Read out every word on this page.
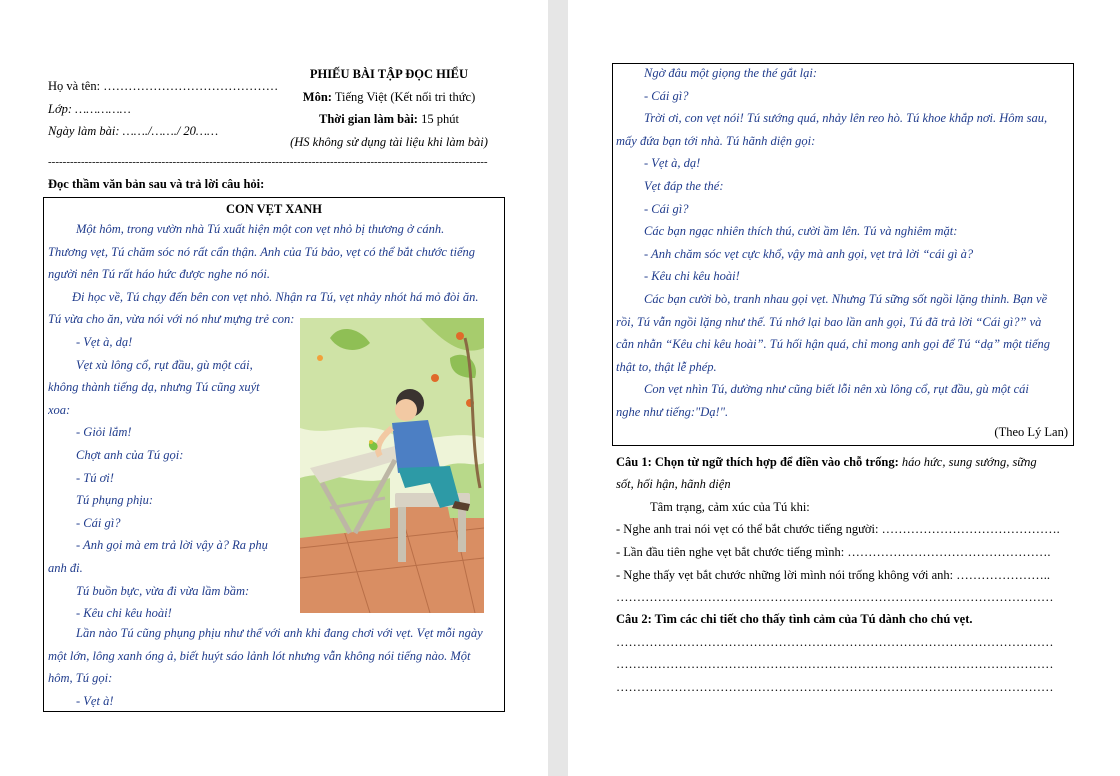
Họ và tên: ……………………………………
Lớp: ……………
Ngày làm bài: ……./……./ 20……
PHIẾU BÀI TẬP ĐỌC HIỂU
Môn: Tiếng Việt (Kết nối tri thức)
Thời gian làm bài: 15 phút
(HS không sử dụng tài liệu khi làm bài)
------------------------------------------------------------------------------------------------------------------------
Đọc thầm văn bản sau và trả lời câu hỏi:
CON VẸT XANH
Một hôm, trong vườn nhà Tú xuất hiện một con vẹt nhỏ bị thương ở cánh.
Thương vẹt, Tú chăm sóc nó rất cẩn thận. Anh của Tú bảo, vẹt có thể bắt chước tiếng
người nên Tú rất háo hức được nghe nó nói.
Đi học về, Tú chạy đến bên con vẹt nhỏ. Nhận ra Tú, vẹt nhảy nhót há mỏ đòi ăn.
Tú vừa cho ăn, vừa nói với nó như mựng trẻ con:
- Vẹt à, dạ!
Vẹt xù lông cổ, rụt đầu, gù một cái,
không thành tiếng dạ, nhưng Tú cũng xuýt
xoa:
- Giỏi lắm!
Chợt anh của Tú gọi:
- Tú ơi!
Tú phụng phịu:
- Cái gì?
- Anh gọi mà em trả lời vậy à? Ra phụ
anh đi.
Tú buồn bực, vừa đi vừa lầm bầm:
- Kêu chi kêu hoài!
Lần nào Tú cũng phụng phịu như thế với anh khi đang chơi với vẹt. Vẹt mỗi ngày
một lớn, lông xanh óng ả, biết huýt sáo lảnh lót nhưng vẫn không nói tiếng nào. Một
hôm, Tú gọi:
- Vẹt à!
Ngờ đâu một giọng the thé gắt lại:
- Cái gì?
Trời ơi, con vẹt nói! Tú sướng quá, nhảy lên reo hò. Tú khoe khắp nơi. Hôm sau,
mấy đứa bạn tới nhà. Tú hãnh diện gọi:
- Vẹt à, dạ!
Vẹt đáp the thé:
- Cái gì?
Các bạn ngạc nhiên thích thú, cười ầm lên. Tú và nghiêm mặt:
- Anh chăm sóc vẹt cực khổ, vậy mà anh gọi, vẹt trả lời “cái gì à?
- Kêu chi kêu hoài!
Các bạn cười bò, tranh nhau gọi vẹt. Nhưng Tú sững sốt ngồi lặng thinh. Bạn về
rồi, Tú vẫn ngồi lặng như thế. Tú nhớ lại bao lần anh gọi, Tú đã trả lời “Cái gì?” và
cằn nhằn “Kêu chi kêu hoài”. Tú hối hận quá, chỉ mong anh gọi để Tú “dạ” một tiếng
thật to, thật lễ phép.
Con vẹt nhìn Tú, dường như cũng biết lỗi nên xù lông cổ, rụt đầu, gù một cái
nghe như tiếng:"Dạ!".
(Theo Lý Lan)
Câu 1: Chọn từ ngữ thích hợp để điền vào chỗ trống: háo hức, sung sướng, sững
sốt, hối hận, hãnh diện
Tâm trạng, cảm xúc của Tú khi:
- Nghe anh trai nói vẹt có thể bắt chước tiếng người: …………………………………….
- Lần đầu tiên nghe vẹt bắt chước tiếng mình: ………………………………………….
- Nghe thấy vẹt bắt chước những lời mình nói trống không với anh: …………………..
……………………………………………………………………………………………
Câu 2: Tìm các chi tiết cho thấy tình cảm của Tú dành cho chú vẹt.
……………………………………………………………………………………………
……………………………………………………………………………………………
……………………………………………………………………………………………
